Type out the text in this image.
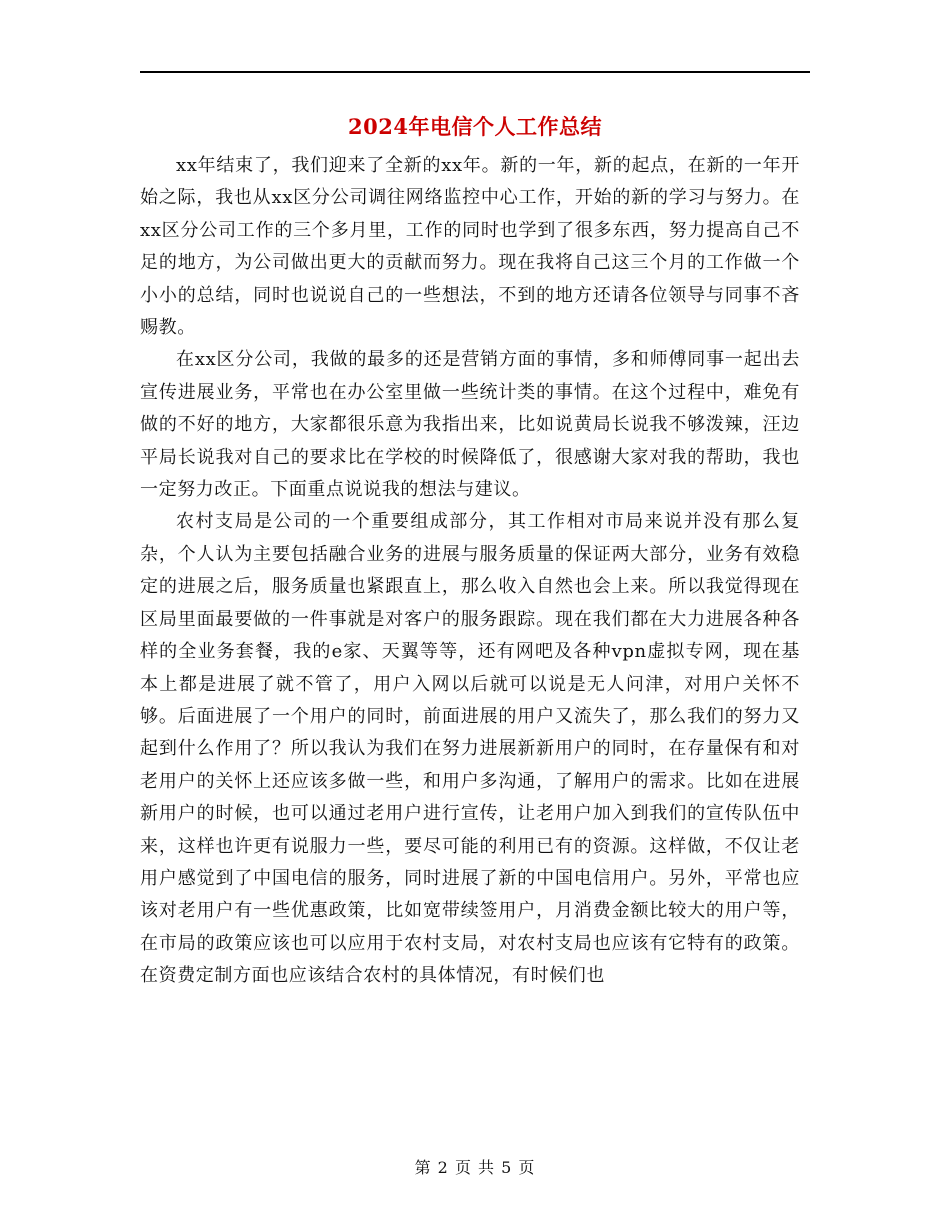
2024年电信个人工作总结

xx年结束了，我们迎来了全新的xx年。新的一年，新的起点，在新的一年开始之际，我也从xx区分公司调往网络监控中心工作，开始的新的学习与努力。在xx区分公司工作的三个多月里，工作的同时也学到了很多东西，努力提高自己不足的地方，为公司做出更大的贡献而努力。现在我将自己这三个月的工作做一个小小的总结，同时也说说自己的一些想法，不到的地方还请各位领导与同事不吝赐教。

在xx区分公司，我做的最多的还是营销方面的事情，多和师傅同事一起出去宣传进展业务，平常也在办公室里做一些统计类的事情。在这个过程中，难免有做的不好的地方，大家都很乐意为我指出来，比如说黄局长说我不够泼辣，汪边平局长说我对自己的要求比在学校的时候降低了，很感谢大家对我的帮助，我也一定努力改正。下面重点说说我的想法与建议。

农村支局是公司的一个重要组成部分，其工作相对市局来说并没有那么复杂，个人认为主要包括融合业务的进展与服务质量的保证两大部分，业务有效稳定的进展之后，服务质量也紧跟直上，那么收入自然也会上来。所以我觉得现在区局里面最要做的一件事就是对客户的服务跟踪。现在我们都在大力进展各种各样的全业务套餐，我的e家、天翼等等，还有网吧及各种vpn虚拟专网，现在基本上都是进展了就不管了，用户入网以后就可以说是无人问津，对用户关怀不够。后面进展了一个用户的同时，前面进展的用户又流失了，那么我们的努力又起到什么作用了？所以我认为我们在努力进展新新用户的同时，在存量保有和对老用户的关怀上还应该多做一些，和用户多沟通，了解用户的需求。比如在进展新用户的时候，也可以通过老用户进行宣传，让老用户加入到我们的宣传队伍中来，这样也许更有说服力一些，要尽可能的利用已有的资源。这样做，不仅让老用户感觉到了中国电信的服务，同时进展了新的中国电信用户。另外，平常也应该对老用户有一些优惠政策，比如宽带续签用户，月消费金额比较大的用户等，在市局的政策应该也可以应用于农村支局，对农村支局也应该有它特有的政策。在资费定制方面也应该结合农村的具体情况，有时候们也

第 2 页 共 5 页
